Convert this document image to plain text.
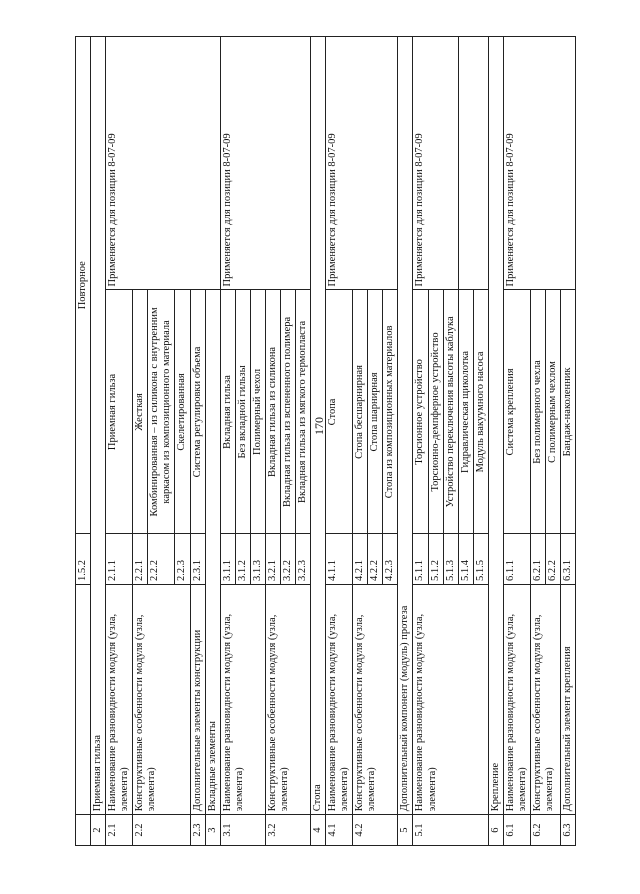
170
		1.5.2	Повторное	
2	Приемная гильза			
2.1	Наименование разновидности модуля (узла, элемента)	2.1.1	Приемная гильза	Применяется для позиции 8-07-09
2.2	Конструктивные особенности модуля (узла, элемента)	2.2.1	Жесткая	
		2.2.2	Комбинированная – из силикона с внутренним каркасом из композиционного материала	
		2.2.3	Скелетированная	
2.3	Дополнительные элементы конструкции	2.3.1	Система регулировки объема	
3	Вкладные элементы			
3.1	Наименование разновидности модуля (узла, элемента)	3.1.1	Вкладная гильза	Применяется для позиции 8-07-09
		3.1.2	Без вкладной гильзы	
		3.1.3	Полимерный чехол	
3.2	Конструктивные особенности модуля (узла, элемента)	3.2.1	Вкладная гильза из силикона	
		3.2.2	Вкладная гильза из вспененного полимера	
		3.2.3	Вкладная гильза из мягкого термопласта	
4	Стопа			
4.1	Наименование разновидности модуля (узла, элемента)	4.1.1	Стопа	Применяется для позиции 8-07-09
4.2	Конструктивные особенности модуля (узла, элемента)	4.2.1	Стопа бесшарнирная	
		4.2.2	Стопа шарнирная	
		4.2.3	Стопа из композиционных материалов	
5	Дополнительный компонент (модуль) протеза			
5.1	Наименование разновидности модуля (узла, элемента)	5.1.1	Торсионное устройство	Применяется для позиции 8-07-09
		5.1.2	Торсионно-демпферное устройство	
		5.1.3	Устройство переключения высоты каблука	
		5.1.4	Гидравлическая щиколотка	
		5.1.5	Модуль вакуумного насоса	
6	Крепление			
6.1	Наименование разновидности модуля (узла, элемента)	6.1.1	Система крепления	Применяется для позиции 8-07-09
6.2	Конструктивные особенности модуля (узла, элемента)	6.2.1	Без полимерного чехла	
		6.2.2	С полимерным чехлом	
6.3	Дополнительный элемент крепления	6.3.1	Бандаж-наколенник	
